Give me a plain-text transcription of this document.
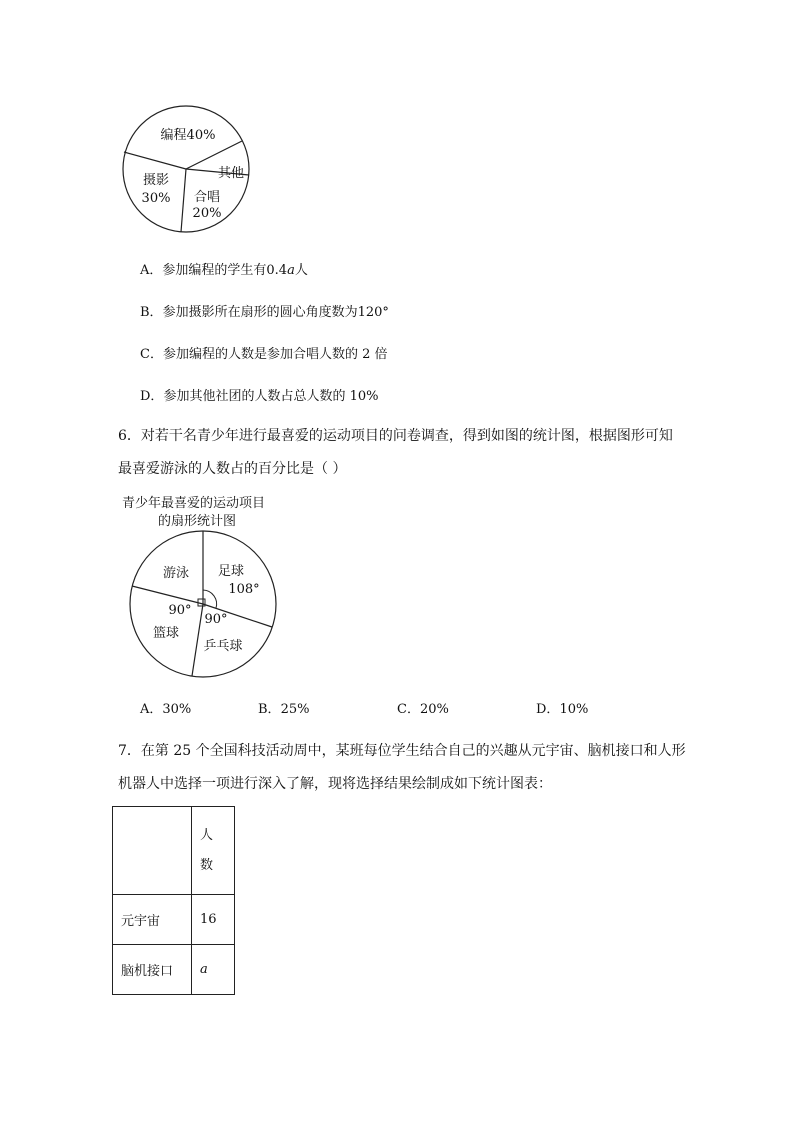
编程40%
其他
摄影
30% 合唱
20%
A．参加编程的学生有0.4a人
B．参加摄影所在扇形的圆心角度数为120°
C．参加编程的人数是参加合唱人数的 2 倍
D．参加其他社团的人数占总人数的 10%
6．对若干名青少年进行最喜爱的运动项目的问卷调查，得到如图的统计图，根据图形可知
最喜爱游泳的人数占的百分比是（ ）
青少年最喜爱的运动项目
的扇形统计图
游泳 足球
108°
90°
篮球
90°
乒乓球
A．30%	B．25%	C．20%	D．10%
7．在第 25 个全国科技活动周中，某班每位学生结合自己的兴趣从元宇宙、脑机接口和人形
机器人中选择一项进行深入了解，现将选择结果绘制成如下统计图表：
	人
数
元宇宙	16
脑机接口	a
